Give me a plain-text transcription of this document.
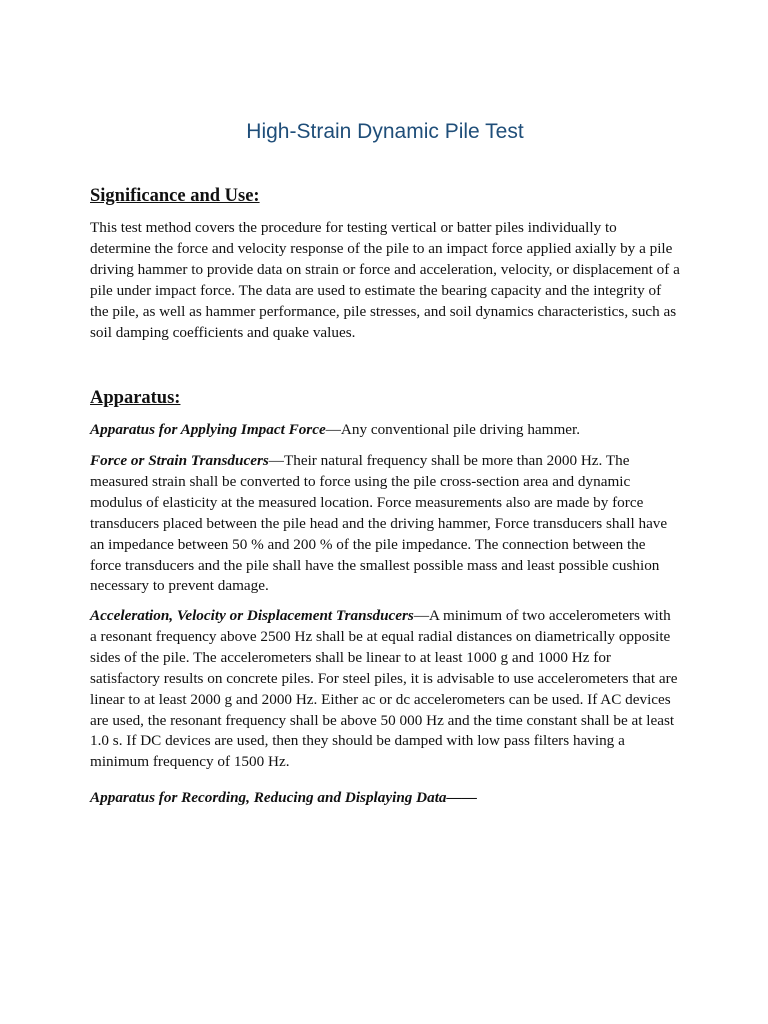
High-Strain Dynamic Pile Test
Significance and Use:

This test method covers the procedure for testing vertical or batter piles individually to determine the force and velocity response of the pile to an impact force applied axially by a pile driving hammer to provide data on strain or force and acceleration, velocity, or displacement of a pile under impact force. The data are used to estimate the bearing capacity and the integrity of the pile, as well as hammer performance, pile stresses, and soil dynamics characteristics, such as soil damping coefficients and quake values.

Apparatus:

Apparatus for Applying Impact Force—Any conventional pile driving hammer.

Force or Strain Transducers—Their natural frequency shall be more than 2000 Hz. The measured strain shall be converted to force using the pile cross-section area and dynamic modulus of elasticity at the measured location. Force measurements also are made by force transducers placed between the pile head and the driving hammer, Force transducers shall have an impedance between 50 % and 200 % of the pile impedance. The connection between the force transducers and the pile shall have the smallest possible mass and least possible cushion necessary to prevent damage.

Acceleration, Velocity or Displacement Transducers—A minimum of two accelerometers with a resonant frequency above 2500 Hz shall be at equal radial distances on diametrically opposite sides of the pile. The accelerometers shall be linear to at least 1000 g and 1000 Hz for satisfactory results on concrete piles. For steel piles, it is advisable to use accelerometers that are linear to at least 2000 g and 2000 Hz. Either ac or dc accelerometers can be used. If AC devices are used, the resonant frequency shall be above 50 000 Hz and the time constant shall be at least 1.0 s. If DC devices are used, then they should be damped with low pass filters having a minimum frequency of 1500 Hz.

Apparatus for Recording, Reducing and Displaying Data——
